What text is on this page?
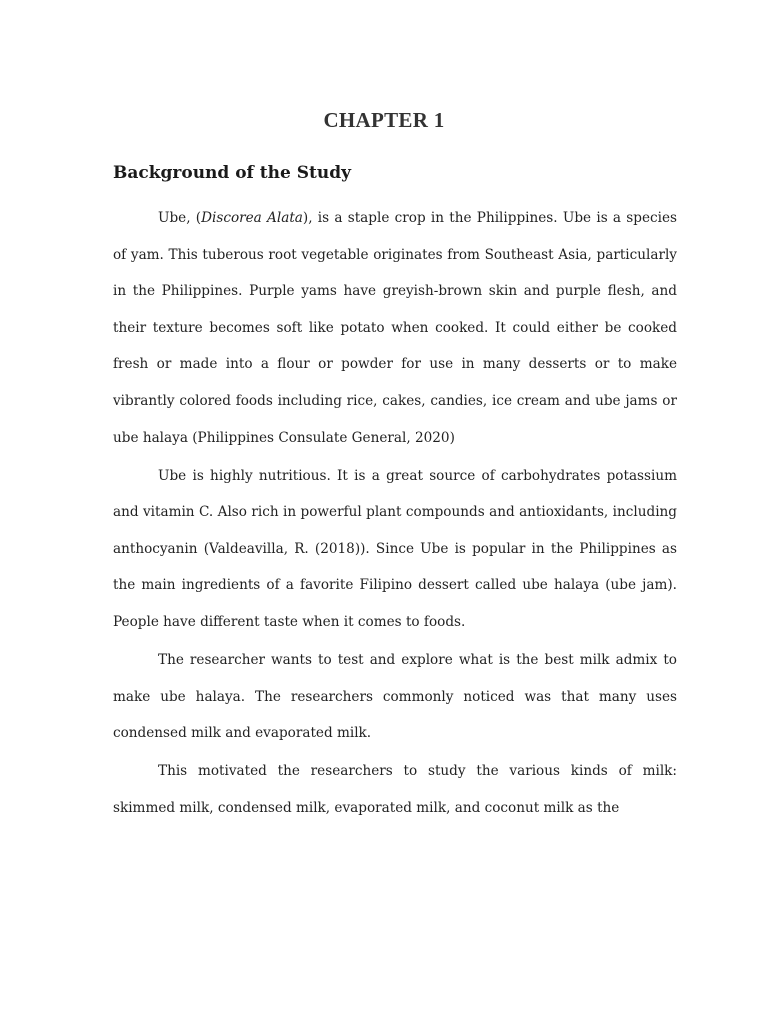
CHAPTER 1
Background of the Study

Ube, (Discorea Alata), is a staple crop in the Philippines. Ube is a species of yam. This tuberous root vegetable originates from Southeast Asia, particularly in the Philippines. Purple yams have greyish-brown skin and purple flesh, and their texture becomes soft like potato when cooked. It could either be cooked fresh or made into a flour or powder for use in many desserts or to make vibrantly colored foods including rice, cakes, candies, ice cream and ube jams or ube halaya (Philippines Consulate General, 2020)

Ube is highly nutritious. It is a great source of carbohydrates potassium and vitamin C. Also rich in powerful plant compounds and antioxidants, including anthocyanin (Valdeavilla, R. (2018)). Since Ube is popular in the Philippines as the main ingredients of a favorite Filipino dessert called ube halaya (ube jam). People have different taste when it comes to foods.

The researcher wants to test and explore what is the best milk admix to make ube halaya. The researchers commonly noticed was that many uses condensed milk and evaporated milk.

This motivated the researchers to study the various kinds of milk: skimmed milk, condensed milk, evaporated milk, and coconut milk as the
